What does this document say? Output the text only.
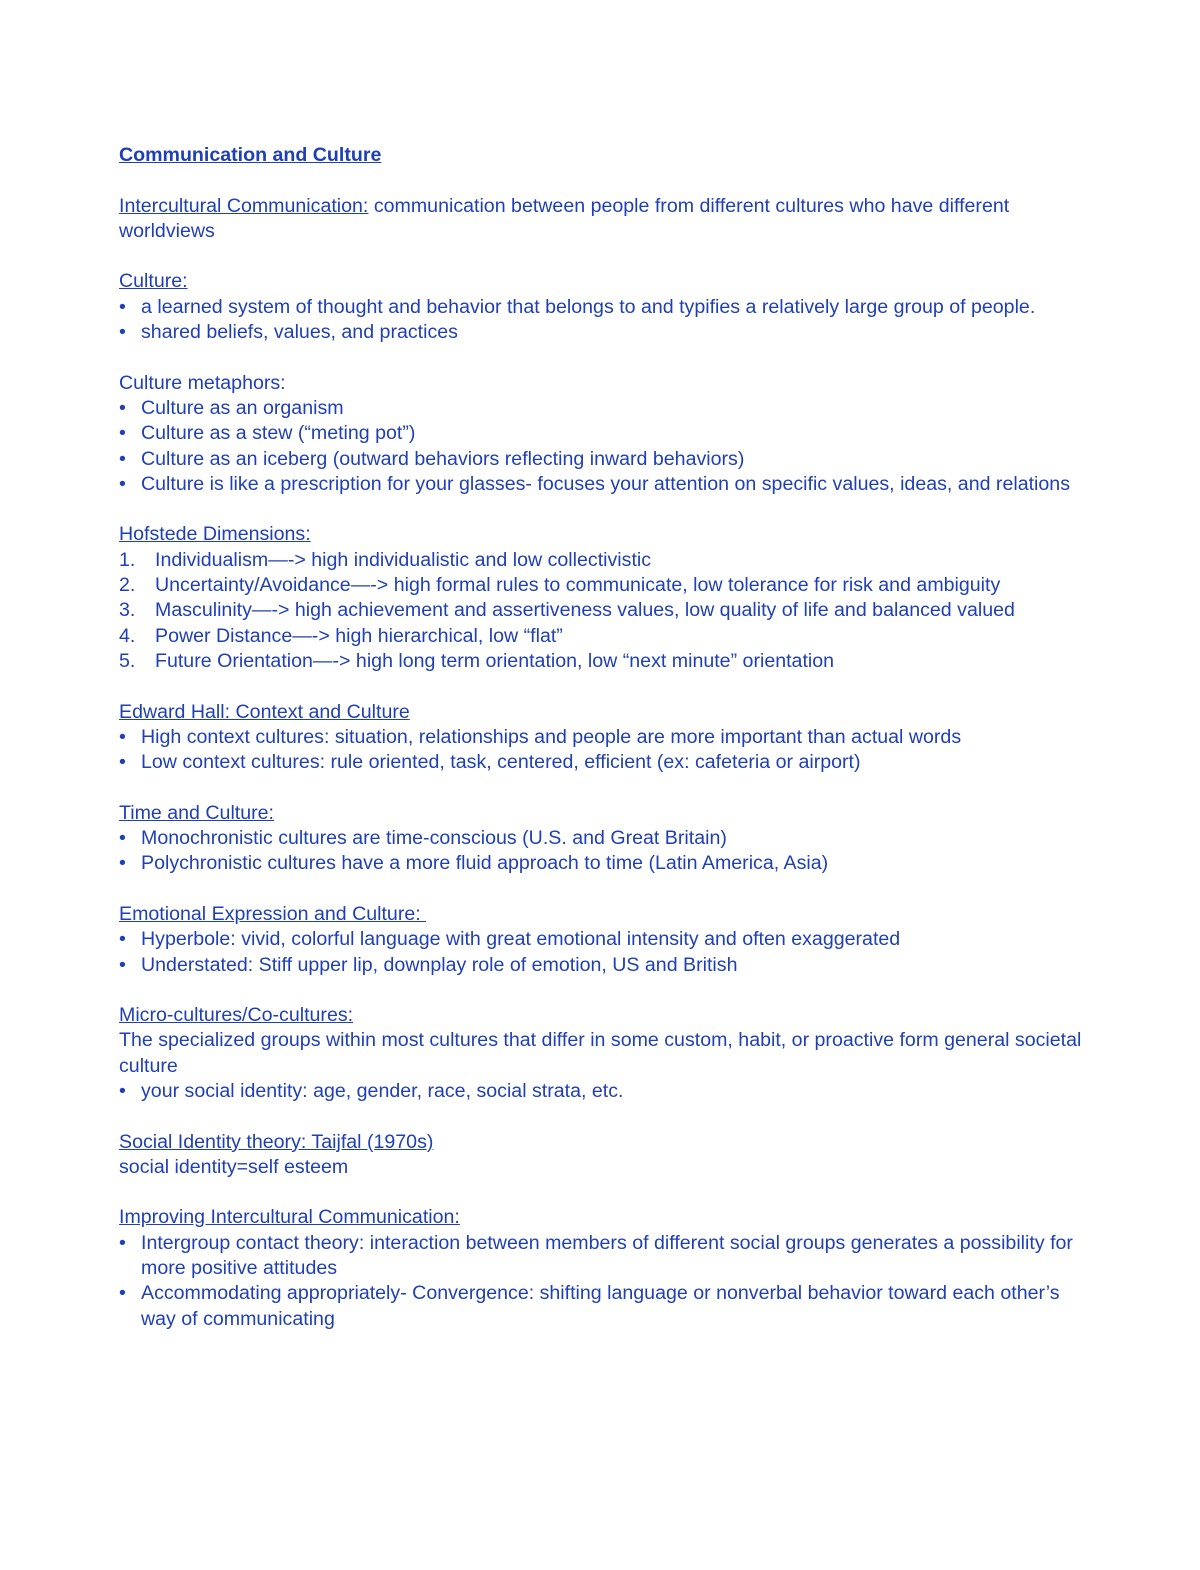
Communication and Culture

Intercultural Communication: communication between people from different cultures who have different worldviews

Culture:
• a learned system of thought and behavior that belongs to and typifies a relatively large group of people.
• shared beliefs, values, and practices
Culture metaphors:
• Culture as an organism
• Culture as a stew (“meting pot”)
• Culture as an iceberg (outward behaviors reflecting inward behaviors)
• Culture is like a prescription for your glasses- focuses your attention on specific values, ideas, and relations
Hofstede Dimensions:
1.	Individualism—-> high individualistic and low collectivistic
2.	Uncertainty/Avoidance—-> high formal rules to communicate, low tolerance for risk and ambiguity
3.	Masculinity—-> high achievement and assertiveness values, low quality of life and balanced valued
4.	Power Distance—-> high hierarchical, low “flat”
5.	Future Orientation—-> high long term orientation, low “next minute” orientation
Edward Hall: Context and Culture
• High context cultures: situation, relationships and people are more important than actual words
• Low context cultures: rule oriented, task, centered, efficient (ex: cafeteria or airport)
Time and Culture:
• Monochronistic cultures are time-conscious (U.S. and Great Britain)
• Polychronistic cultures have a more fluid approach to time (Latin America, Asia)
Emotional Expression and Culture:
• Hyperbole: vivid, colorful language with great emotional intensity and often exaggerated
• Understated: Stiff upper lip, downplay role of emotion, US and British
Micro-cultures/Co-cultures:

The specialized groups within most cultures that differ in some custom, habit, or proactive form general societal culture

• your social identity: age, gender, race, social strata, etc.
Social Identity theory: Taijfal (1970s)

social identity=self esteem

Improving Intercultural Communication:
• Intergroup contact theory: interaction between members of different social groups generates a possibility for more positive attitudes
• Accommodating appropriately- Convergence: shifting language or nonverbal behavior toward each other’s way of communicating
